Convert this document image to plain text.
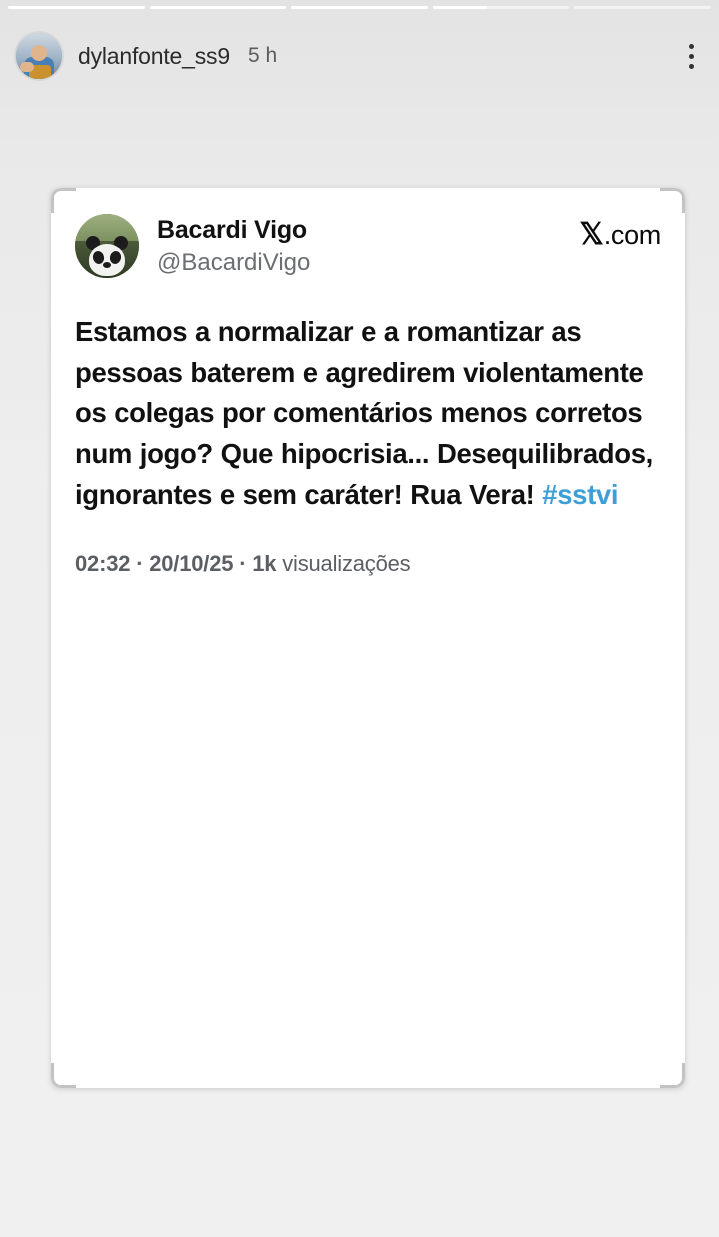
dylanfonte_ss9 5 h
Bacardi Vigo
@BacardiVigo
𝕏 .com
Estamos a normalizar e a romantizar as pessoas baterem e agredirem violentamente os colegas por comentários menos corretos num jogo? Que hipocrisia... Desequilibrados, ignorantes e sem caráter! Rua Vera! #sstvi
02:32 · 20/10/25 · 1k visualizações
